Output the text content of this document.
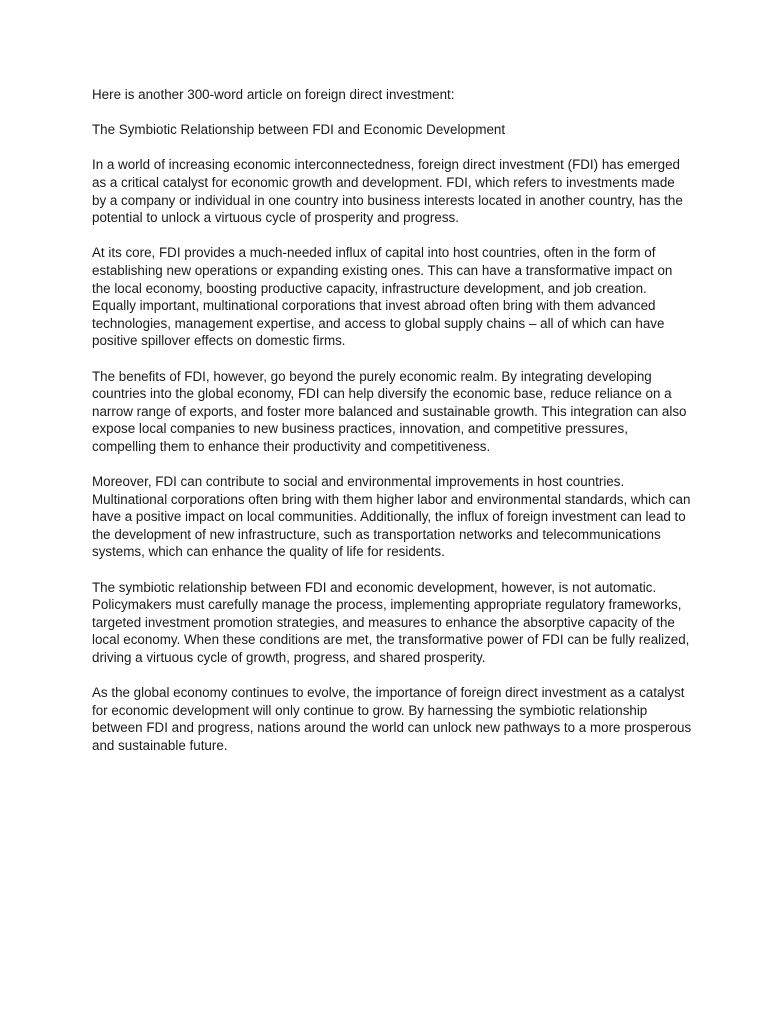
Here is another 300-word article on foreign direct investment:

The Symbiotic Relationship between FDI and Economic Development

In a world of increasing economic interconnectedness, foreign direct investment (FDI) has emerged as a critical catalyst for economic growth and development. FDI, which refers to investments made by a company or individual in one country into business interests located in another country, has the potential to unlock a virtuous cycle of prosperity and progress.

At its core, FDI provides a much-needed influx of capital into host countries, often in the form of establishing new operations or expanding existing ones. This can have a transformative impact on the local economy, boosting productive capacity, infrastructure development, and job creation. Equally important, multinational corporations that invest abroad often bring with them advanced technologies, management expertise, and access to global supply chains – all of which can have positive spillover effects on domestic firms.

The benefits of FDI, however, go beyond the purely economic realm. By integrating developing countries into the global economy, FDI can help diversify the economic base, reduce reliance on a narrow range of exports, and foster more balanced and sustainable growth. This integration can also expose local companies to new business practices, innovation, and competitive pressures, compelling them to enhance their productivity and competitiveness.

Moreover, FDI can contribute to social and environmental improvements in host countries. Multinational corporations often bring with them higher labor and environmental standards, which can have a positive impact on local communities. Additionally, the influx of foreign investment can lead to the development of new infrastructure, such as transportation networks and telecommunications systems, which can enhance the quality of life for residents.

The symbiotic relationship between FDI and economic development, however, is not automatic. Policymakers must carefully manage the process, implementing appropriate regulatory frameworks, targeted investment promotion strategies, and measures to enhance the absorptive capacity of the local economy. When these conditions are met, the transformative power of FDI can be fully realized, driving a virtuous cycle of growth, progress, and shared prosperity.

As the global economy continues to evolve, the importance of foreign direct investment as a catalyst for economic development will only continue to grow. By harnessing the symbiotic relationship between FDI and progress, nations around the world can unlock new pathways to a more prosperous and sustainable future.
